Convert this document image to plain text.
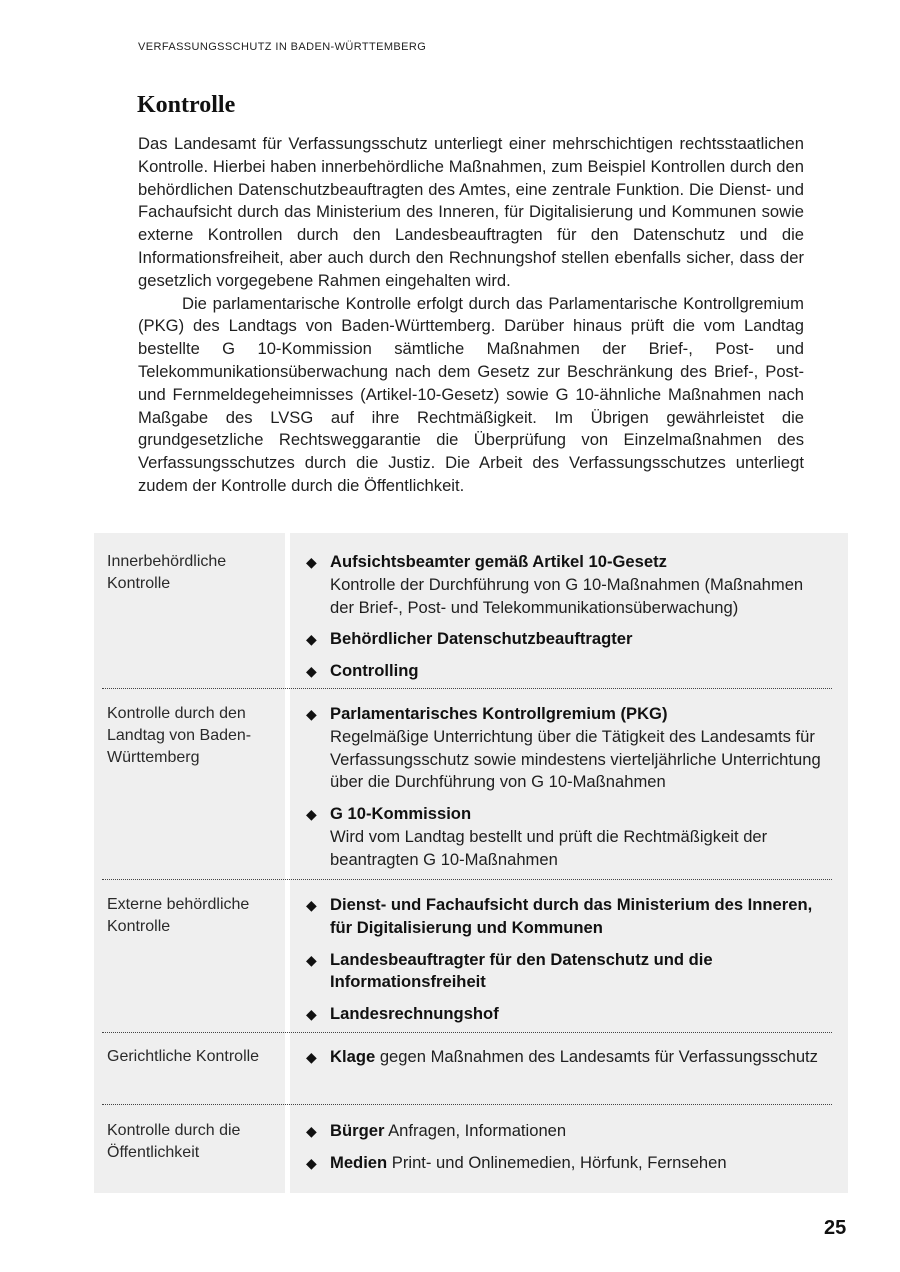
VERFASSUNGSSCHUTZ IN BADEN-WÜRTTEMBERG
Kontrolle

Das Landesamt für Verfassungsschutz unterliegt einer mehrschichtigen rechtsstaatlichen Kontrolle. Hierbei haben innerbehördliche Maßnahmen, zum Beispiel Kontrollen durch den behördlichen Datenschutzbeauftragten des Amtes, eine zentrale Funktion. Die Dienst- und Fachaufsicht durch das Ministerium des Inneren, für Digitalisierung und Kommunen sowie externe Kontrollen durch den Landesbeauftragten für den Datenschutz und die Informationsfreiheit, aber auch durch den Rechnungshof stellen ebenfalls sicher, dass der gesetzlich vorgegebene Rahmen eingehalten wird.

Die parlamentarische Kontrolle erfolgt durch das Parlamentarische Kontrollgremium (PKG) des Landtags von Baden-Württemberg. Darüber hinaus prüft die vom Landtag bestellte G 10-Kommission sämtliche Maßnahmen der Brief-, Post- und Telekommunikationsüberwachung nach dem Gesetz zur Beschränkung des Brief-, Post- und Fernmeldegeheimnisses (Artikel-10-Gesetz) sowie G 10-ähnliche Maßnahmen nach Maßgabe des LVSG auf ihre Rechtmäßigkeit. Im Übrigen gewährleistet die grundgesetzliche Rechtsweggarantie die Überprüfung von Einzelmaßnahmen des Verfassungsschutzes durch die Justiz. Die Arbeit des Verfassungsschutzes unterliegt zudem der Kontrolle durch die Öffentlichkeit.

Innerbehördliche Kontrolle
◆ Aufsichtsbeamter gemäß Artikel 10-Gesetz
Kontrolle der Durchführung von G 10-Maßnahmen (Maßnahmen der Brief-, Post- und Telekommunikationsüberwachung)
◆ Behördlicher Datenschutzbeauftragter
◆ Controlling
Kontrolle durch den Landtag von Baden-Württemberg
◆ Parlamentarisches Kontrollgremium (PKG)
Regelmäßige Unterrichtung über die Tätigkeit des Landesamts für Verfassungsschutz sowie mindestens vierteljährliche Unterrichtung über die Durchführung von G 10-Maßnahmen
◆ G 10-Kommission
Wird vom Landtag bestellt und prüft die Rechtmäßigkeit der beantragten G 10-Maßnahmen
Externe behördliche Kontrolle
◆ Dienst- und Fachaufsicht durch das Ministerium des Inneren, für Digitalisierung und Kommunen
◆ Landesbeauftragter für den Datenschutz und die Informationsfreiheit
◆ Landesrechnungshof
Gerichtliche Kontrolle	◆ Klage gegen Maßnahmen des Landesamts für Verfassungsschutz
Kontrolle durch die Öffentlichkeit
◆ Bürger Anfragen, Informationen
◆ Medien Print- und Onlinemedien, Hörfunk, Fernsehen
25
